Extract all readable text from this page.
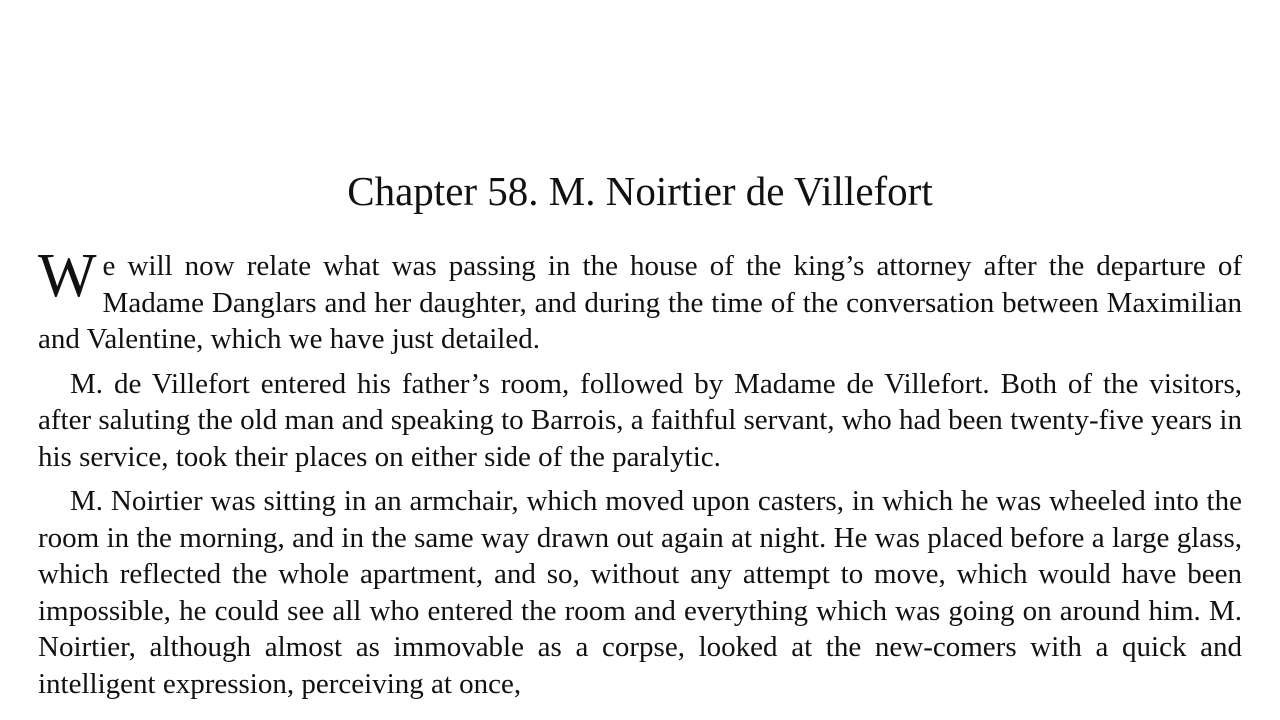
Chapter 58. M. Noirtier de Villefort

W e will now relate what was passing in the house of the king’s attorney after the departure of Madame Danglars and her daughter, and during the time of the conversation between Maximilian and Valentine, which we have just detailed.

M. de Villefort entered his father’s room, followed by Madame de Villefort. Both of the visitors, after saluting the old man and speaking to Barrois, a faithful servant, who had been twenty-five years in his service, took their places on either side of the paralytic.

M. Noirtier was sitting in an armchair, which moved upon casters, in which he was wheeled into the room in the morning, and in the same way drawn out again at night. He was placed before a large glass, which reflected the whole apartment, and so, without any attempt to move, which would have been impossible, he could see all who entered the room and everything which was going on around him. M. Noirtier, although almost as immovable as a corpse, looked at the new-comers with a quick and intelligent expression, perceiving at once,
